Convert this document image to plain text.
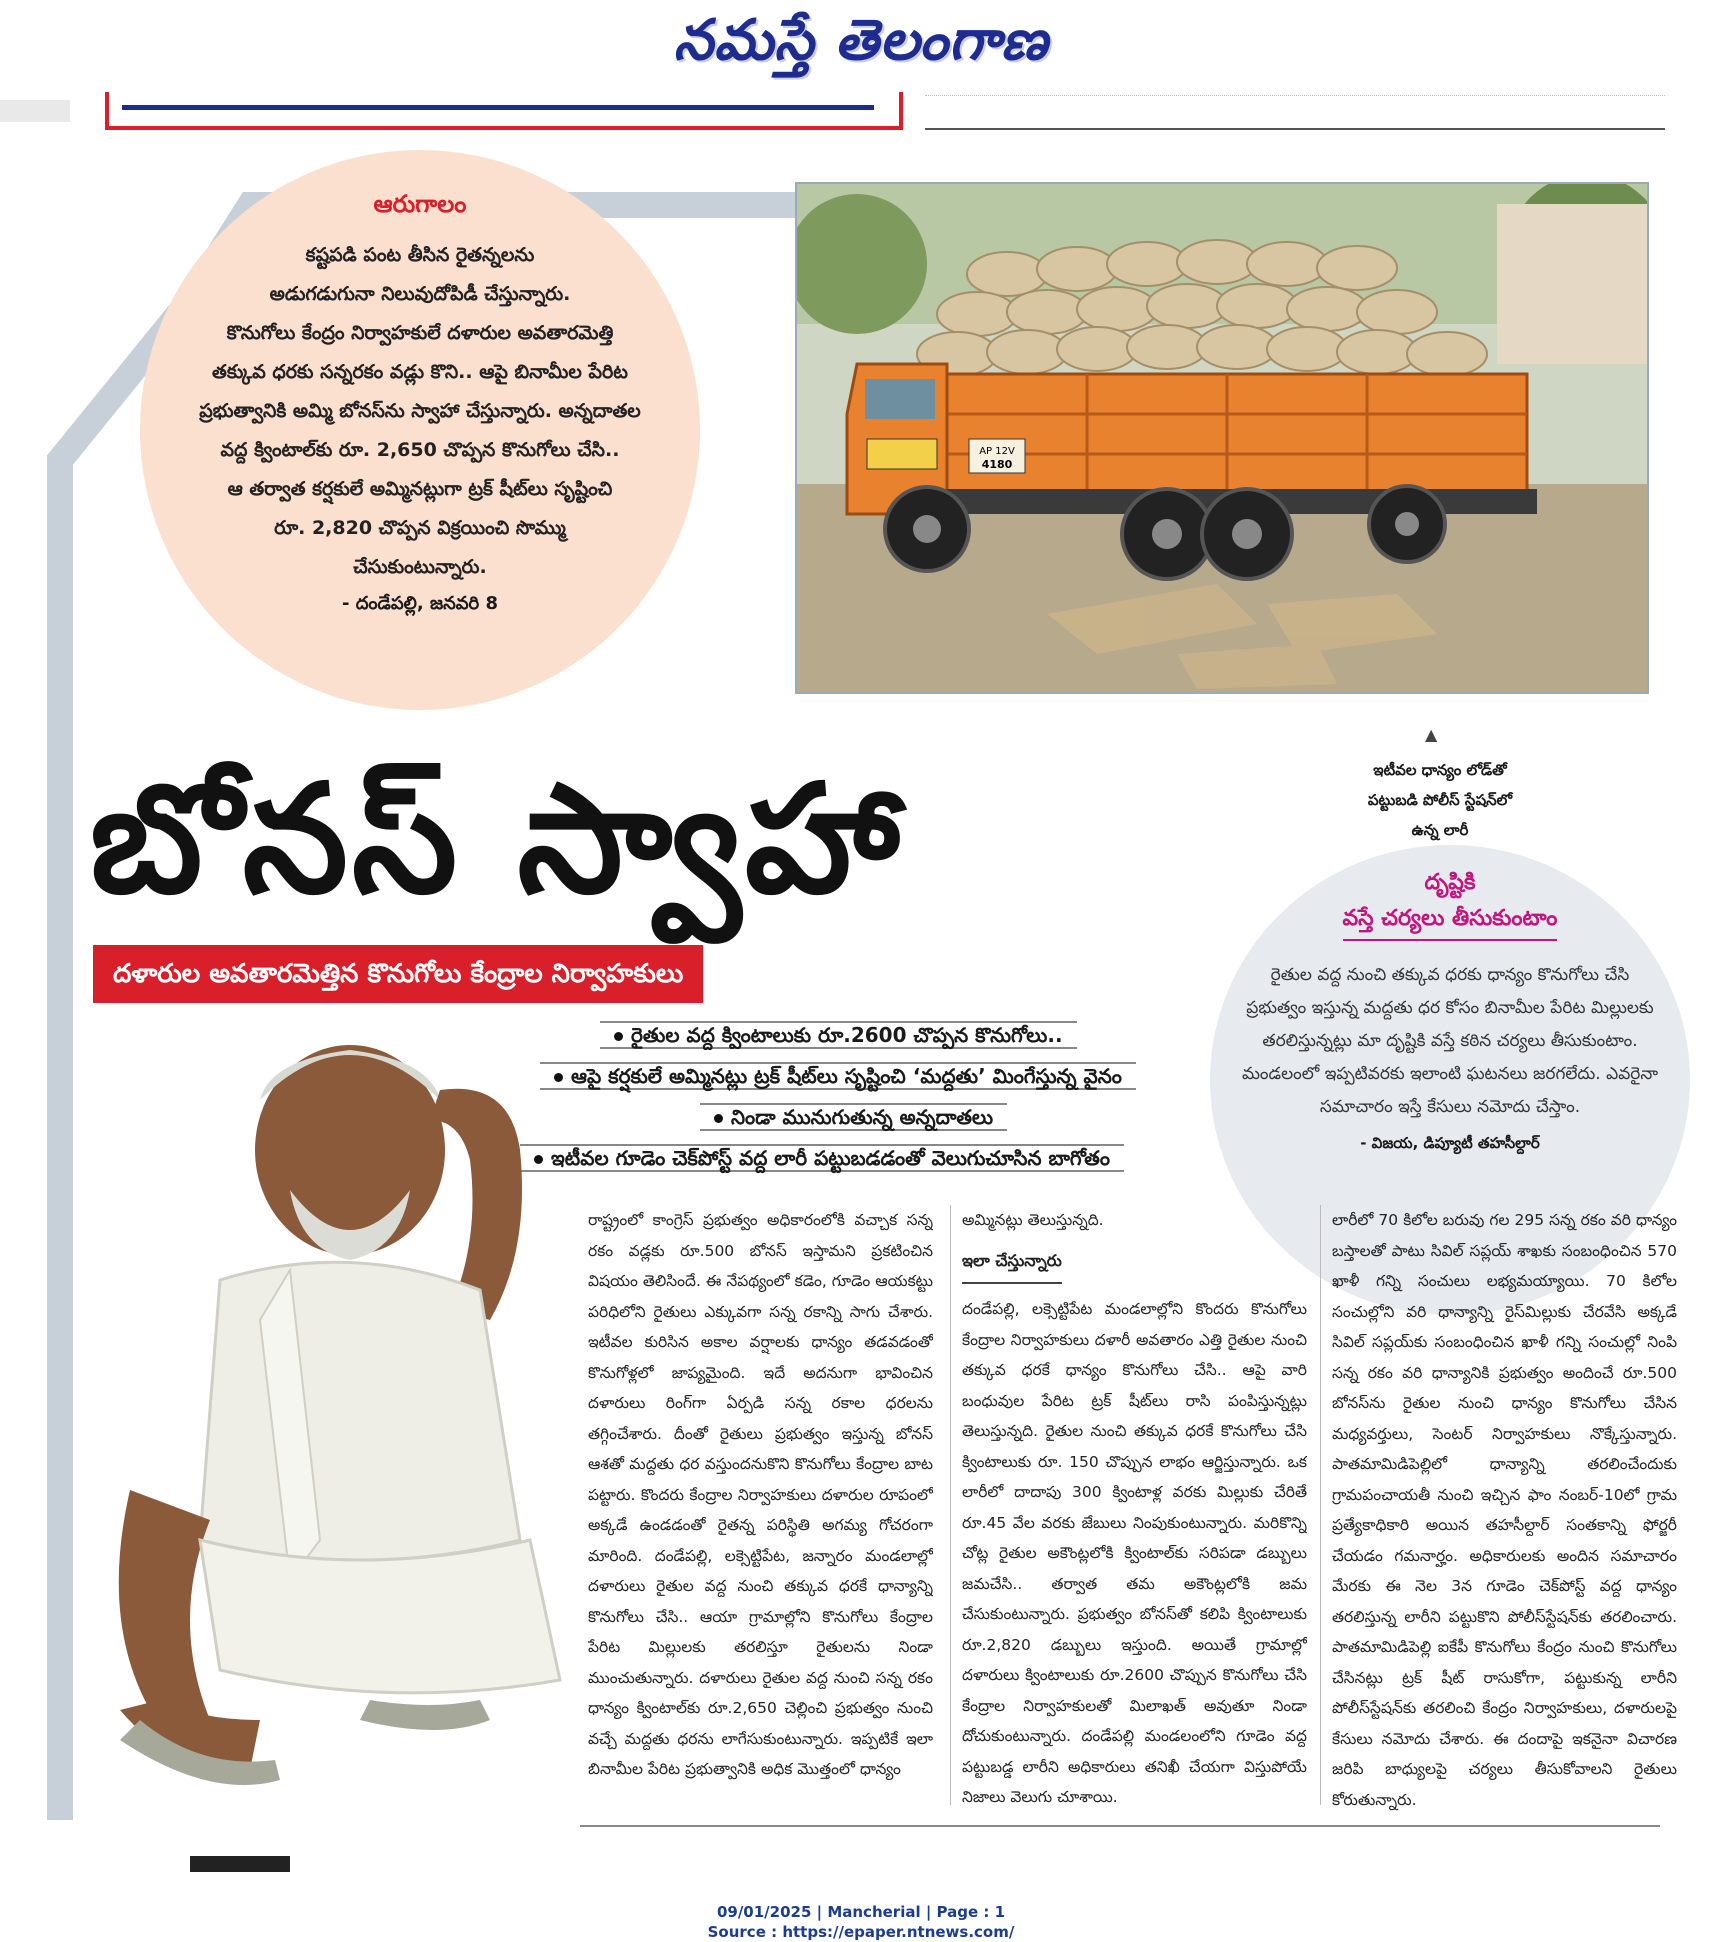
నమస్తే తెలంగాణ
ఆరుగాలం
కష్టపడి పంట తీసిన రైతన్నలను
అడుగడుగునా నిలువుదోపిడీ చేస్తున్నారు.
కొనుగోలు కేంద్రం నిర్వాహకులే దళారుల అవతారమెత్తి
తక్కువ ధరకు సన్నరకం వడ్లు కొని.. ఆపై బినామీల పేరిట
ప్రభుత్వానికి అమ్మి బోనస్‌ను స్వాహా చేస్తున్నారు. అన్నదాతల
వద్ద క్వింటాల్‌కు రూ. 2,650 చొప్పన కొనుగోలు చేసి..
ఆ తర్వాత కర్షకులే అమ్మినట్లుగా ట్రక్ షీట్‌లు సృష్టించి
రూ. 2,820 చొప్పన విక్రయించి సొమ్ము
చేసుకుంటున్నారు.
- దండేపల్లి, జనవరి 8
AP 12V
4180
▲
ఇటీవల ధాన్యం లోడ్‌తో
పట్టుబడి పోలీస్ స్టేషన్‌లో
ఉన్న లారీ
బోనస్ స్వాహా
దళారుల అవతారమెత్తిన కొనుగోలు కేంద్రాల నిర్వాహకులు
రైతుల వద్ద క్వింటాలుకు రూ.2600 చొప్పన కొనుగోలు..
ఆపై కర్షకులే అమ్మినట్లు ట్రక్ షీట్‌లు సృష్టించి ‘మద్దతు’ మింగేస్తున్న వైనం
నిండా మునుగుతున్న అన్నదాతలు
ఇటీవల గూడెం చెక్‌పోస్ట్ వద్ద లారీ పట్టుబడడంతో వెలుగుచూసిన బాగోతం
దృష్టికి
వస్తే చర్యలు తీసుకుంటాం
రైతుల వద్ద నుంచి తక్కువ ధరకు ధాన్యం కొనుగోలు చేసి ప్రభుత్వం ఇస్తున్న మద్దతు ధర కోసం బినామీల పేరిట మిల్లులకు తరలిస్తున్నట్లు మా దృష్టికి వస్తే కఠిన చర్యలు తీసుకుంటాం. మండలంలో ఇప్పటివరకు ఇలాంటి ఘటనలు జరగలేదు. ఎవరైనా సమాచారం ఇస్తే కేసులు నమోదు చేస్తాం.
- విజయ, డిప్యూటీ తహసీల్దార్
రాష్ట్రంలో కాంగ్రెస్ ప్రభుత్వం అధికారంలోకి వచ్చాక సన్న రకం వడ్లకు రూ.500 బోనస్ ఇస్తామని ప్రకటించిన విషయం తెలిసిందే. ఈ నేపథ్యంలో కడెం, గూడెం ఆయకట్టు పరిధిలోని రైతులు ఎక్కువగా సన్న రకాన్ని సాగు చేశారు. ఇటీవల కురిసిన అకాల వర్షాలకు ధాన్యం తడవడంతో కొనుగోళ్లలో జాప్యమైంది. ఇదే అదనుగా భావించిన దళారులు రింగ్‌గా ఏర్పడి సన్న రకాల ధరలను తగ్గించేశారు. దీంతో రైతులు ప్రభుత్వం ఇస్తున్న బోనస్ ఆశతో మద్దతు ధర వస్తుందనుకొని కొనుగోలు కేంద్రాల బాట పట్టారు. కొందరు కేంద్రాల నిర్వాహకులు దళారుల రూపంలో అక్కడే ఉండడంతో రైతన్న పరిస్థితి అగమ్య గోచరంగా మారింది. దండేపల్లి, లక్సెట్టిపేట, జన్నారం మండలాల్లో దళారులు రైతుల వద్ద నుంచి తక్కువ ధరకే ధాన్యాన్ని కొనుగోలు చేసి.. ఆయా గ్రామాల్లోని కొనుగోలు కేంద్రాల పేరిట మిల్లులకు తరలిస్తూ రైతులను నిండా ముంచుతున్నారు. దళారులు రైతుల వద్ద నుంచి సన్న రకం ధాన్యం క్వింటాల్‌కు రూ.2,650 చెల్లించి ప్రభుత్వం నుంచి వచ్చే మద్దతు ధరను లాగేసుకుంటున్నారు. ఇప్పటికే ఇలా బినామీల పేరిట ప్రభుత్వానికి అధిక మొత్తంలో ధాన్యం
అమ్మినట్లు తెలుస్తున్నది.
ఇలా చేస్తున్నారు
దండేపల్లి, లక్సెట్టిపేట మండలాల్లోని కొందరు కొనుగోలు కేంద్రాల నిర్వాహకులు దళారీ అవతారం ఎత్తి రైతుల నుంచి తక్కువ ధరకే ధాన్యం కొనుగోలు చేసి.. ఆపై వారి బంధువుల పేరిట ట్రక్ షీట్‌లు రాసి పంపిస్తున్నట్లు తెలుస్తున్నది. రైతుల నుంచి తక్కువ ధరకే కొనుగోలు చేసి క్వింటాలుకు రూ. 150 చొప్పున లాభం ఆర్జిస్తున్నారు. ఒక లారీలో దాదాపు 300 క్వింటాళ్ల వరకు మిల్లుకు చేరితే రూ.45 వేల వరకు జేబులు నింపుకుంటున్నారు. మరికొన్ని చోట్ల రైతుల అకౌంట్లలోకి క్వింటాల్‌కు సరిపడా డబ్బులు జమచేసి.. తర్వాత తమ అకౌంట్లలోకి జమ చేసుకుంటున్నారు. ప్రభుత్వం బోనస్‌తో కలిపి క్వింటాలుకు రూ.2,820 డబ్బులు ఇస్తుంది. అయితే గ్రామాల్లో దళారులు క్వింటాలుకు రూ.2600 చొప్పున కొనుగోలు చేసి కేంద్రాల నిర్వాహకులతో మిలాఖత్ అవుతూ నిండా దోచుకుంటున్నారు. దండేపల్లి మండలంలోని గూడెం వద్ద పట్టుబడ్డ లారీని అధికారులు తనిఖీ చేయగా విస్తుపోయే నిజాలు వెలుగు చూశాయి.
లారీలో 70 కిలోల బరువు గల 295 సన్న రకం వరి ధాన్యం బస్తాలతో పాటు సివిల్ సప్లయ్ శాఖకు సంబంధించిన 570 ఖాళీ గన్ని సంచులు లభ్యమయ్యాయి. 70 కిలోల సంచుల్లోని వరి ధాన్యాన్ని రైస్‌మిల్లుకు చేరవేసి అక్కడే సివిల్ సప్లయ్‌కు సంబంధించిన ఖాళీ గన్ని సంచుల్లో నింపి సన్న రకం వరి ధాన్యానికి ప్రభుత్వం అందించే రూ.500 బోనస్‌ను రైతుల నుంచి ధాన్యం కొనుగోలు చేసిన మధ్యవర్తులు, సెంటర్ నిర్వాహకులు నొక్కేస్తున్నారు. పాతమామిడిపెల్లిలో ధాన్యాన్ని తరలించేందుకు గ్రామపంచాయతీ నుంచి ఇచ్చిన ఫాం నంబర్-10లో గ్రామ ప్రత్యేకాధికారి అయిన తహసీల్దార్ సంతకాన్ని ఫోర్జరీ చేయడం గమనార్హం. అధికారులకు అందిన సమాచారం మేరకు ఈ నెల 3న గూడెం చెక్‌పోస్ట్ వద్ద ధాన్యం తరలిస్తున్న లారీని పట్టుకొని పోలీస్‌స్టేషన్‌కు తరలించారు. పాతమామిడిపెల్లి ఐకేపీ కొనుగోలు కేంద్రం నుంచి కొనుగోలు చేసినట్లు ట్రక్ షీట్ రాసుకోగా, పట్టుకున్న లారీని పోలీస్‌స్టేషన్‌కు తరలించి కేంద్రం నిర్వాహకులు, దళారులపై కేసులు నమోదు చేశారు. ఈ దందాపై ఇకనైనా విచారణ జరిపి బాధ్యులపై చర్యలు తీసుకోవాలని రైతులు కోరుతున్నారు.
09/01/2025 | Mancherial | Page : 1
Source : https://epaper.ntnews.com/
